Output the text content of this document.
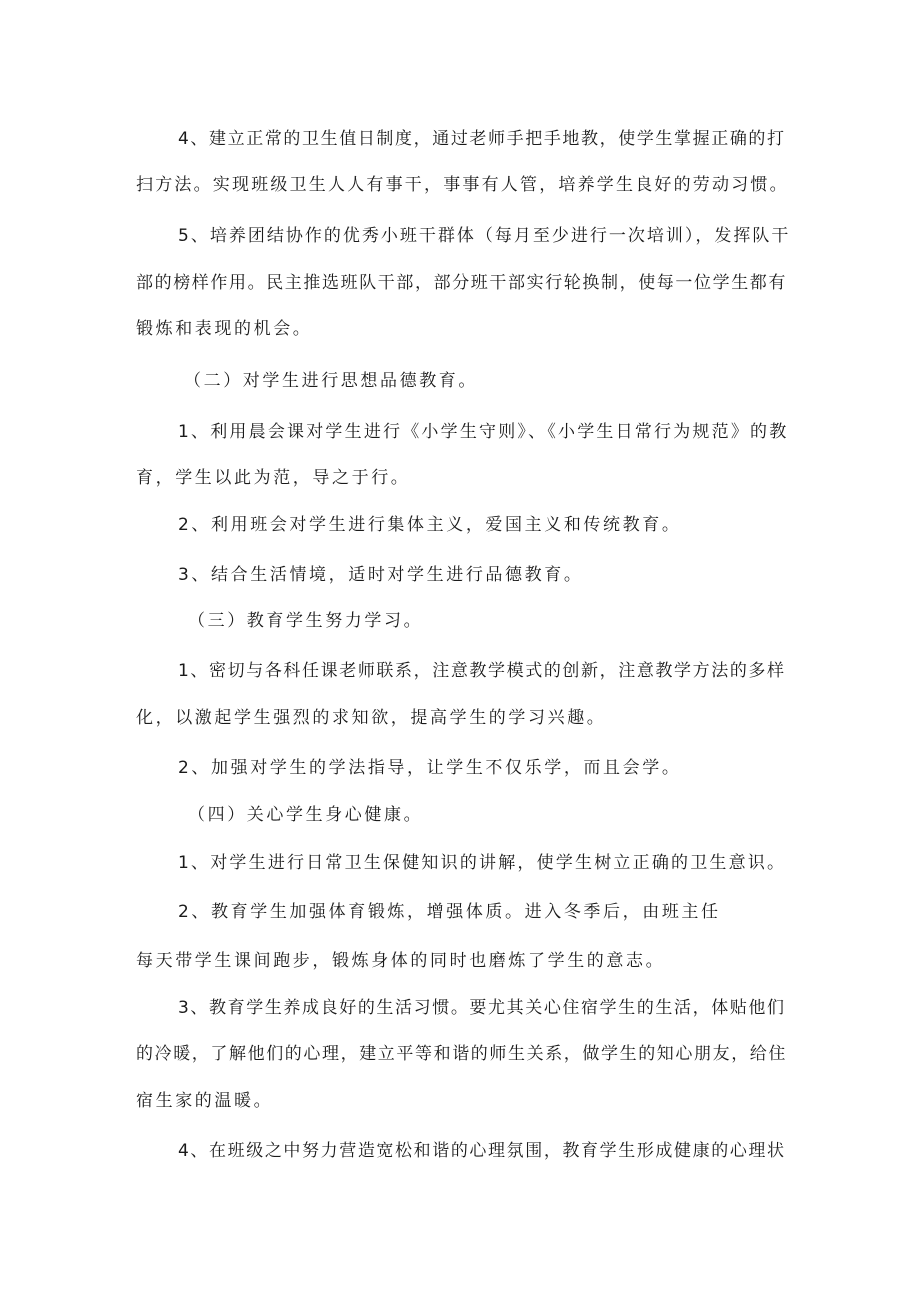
4、建立正常的卫生值日制度，通过老师手把手地教，使学生掌握正确的打
扫方法。实现班级卫生人人有事干，事事有人管，培养学生良好的劳动习惯。
5、培养团结协作的优秀小班干群体（每月至少进行一次培训），发挥队干
部的榜样作用。民主推选班队干部，部分班干部实行轮换制，使每一位学生都有
锻炼和表现的机会。
（二）对学生进行思想品德教育。
1、利用晨会课对学生进行《小学生守则》、《小学生日常行为规范》的教
育，学生以此为范，导之于行。
2、利用班会对学生进行集体主义，爱国主义和传统教育。
3、结合生活情境，适时对学生进行品德教育。
（三）教育学生努力学习。
1、密切与各科任课老师联系，注意教学模式的创新，注意教学方法的多样
化，以激起学生强烈的求知欲，提高学生的学习兴趣。
2、加强对学生的学法指导，让学生不仅乐学，而且会学。
（四）关心学生身心健康。
1、对学生进行日常卫生保健知识的讲解，使学生树立正确的卫生意识。
2、教育学生加强体育锻炼，增强体质。进入冬季后，由班主任
每天带学生课间跑步，锻炼身体的同时也磨炼了学生的意志。
3、教育学生养成良好的生活习惯。要尤其关心住宿学生的生活，体贴他们
的冷暖，了解他们的心理，建立平等和谐的师生关系，做学生的知心朋友，给住
宿生家的温暖。
4、在班级之中努力营造宽松和谐的心理氛围，教育学生形成健康的心理状
